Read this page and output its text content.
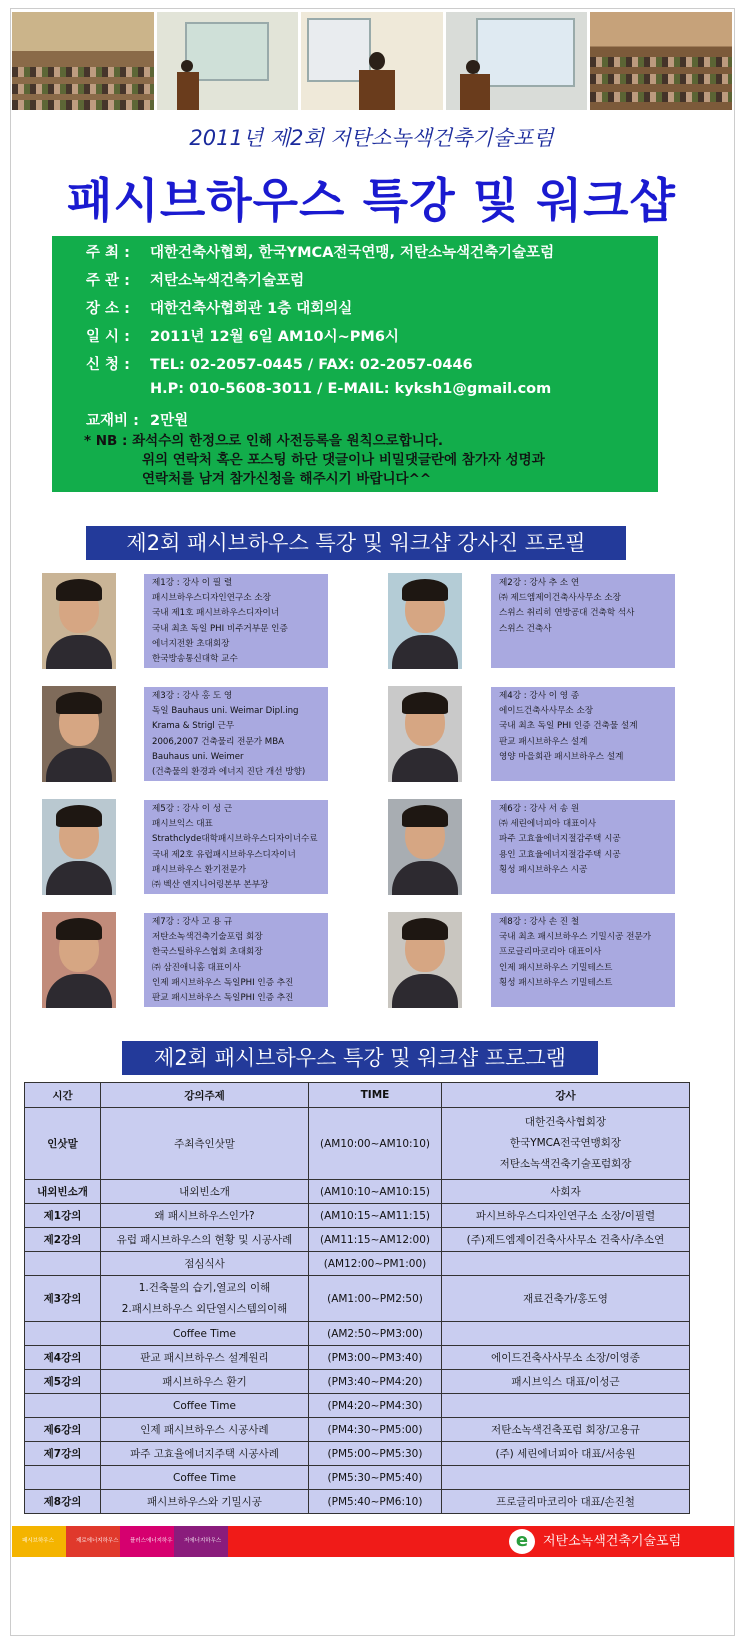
2011년 제2회 저탄소녹색건축기술포럼
패시브하우스 특강 및 워크샵
주 최 : 대한건축사협회, 한국YMCA전국연맹, 저탄소녹색건축기술포럼
주 관 : 저탄소녹색건축기술포럼
장 소 : 대한건축사협회관 1층 대회의실
일 시 : 2011년 12월 6일 AM10시~PM6시
신 청 : TEL: 02-2057-0445 / FAX: 02-2057-0446
H.P: 010-5608-3011 / E-MAIL: kyksh1@gmail.com
교재비 : 2만원
* NB : 좌석수의 한정으로 인해 사전등록을 원칙으로합니다.
위의 연락처 혹은 포스팅 하단 댓글이나 비밀댓글란에 참가자 성명과
연락처를 남겨 참가신청을 해주시기 바랍니다^^
제2회 패시브하우스 특강 및 워크샵 강사진 프로필
제1강 : 강사 이 필 렬
패시브하우스디자인연구소 소장
국내 제1호 패시브하우스디자이너
국내 최초 독일 PHI 비주거부문 인증
에너지전환 초대회장
한국방송통신대학 교수
제2강 : 강사 추 소 연
㈜ 제드엠제이건축사사무소 소장
스위스 취리히 연방공대 건축학 석사
스위스 건축사
제3강 : 강사 홍 도 영
독일 Bauhaus uni. Weimar Dipl.ing
Krama & Strigl 근무
2006,2007 건축물리 전문가 MBA
Bauhaus uni. Weimer
(건축물의 환경과 에너지 진단 개선 방향)
제4강 : 강사 이 영 종
에이드건축사사무소 소장
국내 최초 독일 PHI 인증 건축물 설계
판교 패시브하우스 설계
영양 마을회관 패시브하우스 설계
제5강 : 강사 이 성 근
패시브익스 대표
Strathclyde대학패시브하우스디자이너수료
국내 제2호 유럽패시브하우스디자이너
패시브하우스 환기전문가
㈜ 벡산 엔지니어링본부 본부장
제6강 : 강사 서 송 원
㈜ 세린에너피아 대표이사
파주 고효율에너지절감주택 시공
용인 고효율에너지절감주택 시공
횡성 패시브하우스 시공
제7강 : 강사 고 용 규
저탄소녹색건축기술포럼 회장
한국스틸하우스협회 초대회장
㈜ 삼진애니홈 대표이사
인제 패시브하우스 독일PHI 인증 추진
판교 패시브하우스 독일PHI 인증 추진
제8강 : 강사 손 진 철
국내 최초 패시브하우스 기밀시공 전문가
프로글리마코리아 대표이사
인제 패시브하우스 기밀테스트
횡성 패시브하우스 기밀테스트
제2회 패시브하우스 특강 및 워크샵 프로그램
시간	강의주제	TIME	강사
인삿말	주최측인삿말	(AM10:00~AM10:10)	대한건축사협회장
한국YMCA전국연맹회장
저탄소녹색건축기술포럼회장
내외빈소개	내외빈소개	(AM10:10~AM10:15)	사회자
제1강의	왜 패시브하우스인가?	(AM10:15~AM11:15)	파시브하우스디자인연구소 소장/이필렬
제2강의	유럽 패시브하우스의 현황 및 시공사례	(AM11:15~AM12:00)	(주)제드엠제이건축사사무소 건축사/추소연
	점심식사	(AM12:00~PM1:00)	
제3강의	1.건축물의 습기,열교의 이해
2.패시브하우스 외단열시스템의이해	(AM1:00~PM2:50)	재료건축가/홍도영
	Coffee Time	(AM2:50~PM3:00)	
제4강의	판교 패시브하우스 설계원리	(PM3:00~PM3:40)	에이드건축사사무소 소장/이영종
제5강의	패시브하우스 환기	(PM3:40~PM4:20)	패시브익스 대표/이성근
	Coffee Time	(PM4:20~PM4:30)	
제6강의	인제 패시브하우스 시공사례	(PM4:30~PM5:00)	저탄소녹색건축포럼 회장/고용규
제7강의	파주 고효율에너지주택 시공사례	(PM5:00~PM5:30)	(주) 세린에너피아 대표/서송원
	Coffee Time	(PM5:30~PM5:40)	
제8강의	패시브하우스와 기밀시공	(PM5:40~PM6:10)	프로글리마코리아 대표/손진철
패시브하우스	제로에너지하우스	플러스에너지하우스
저에너지하우스	e	저탄소녹색건축기술포럼
